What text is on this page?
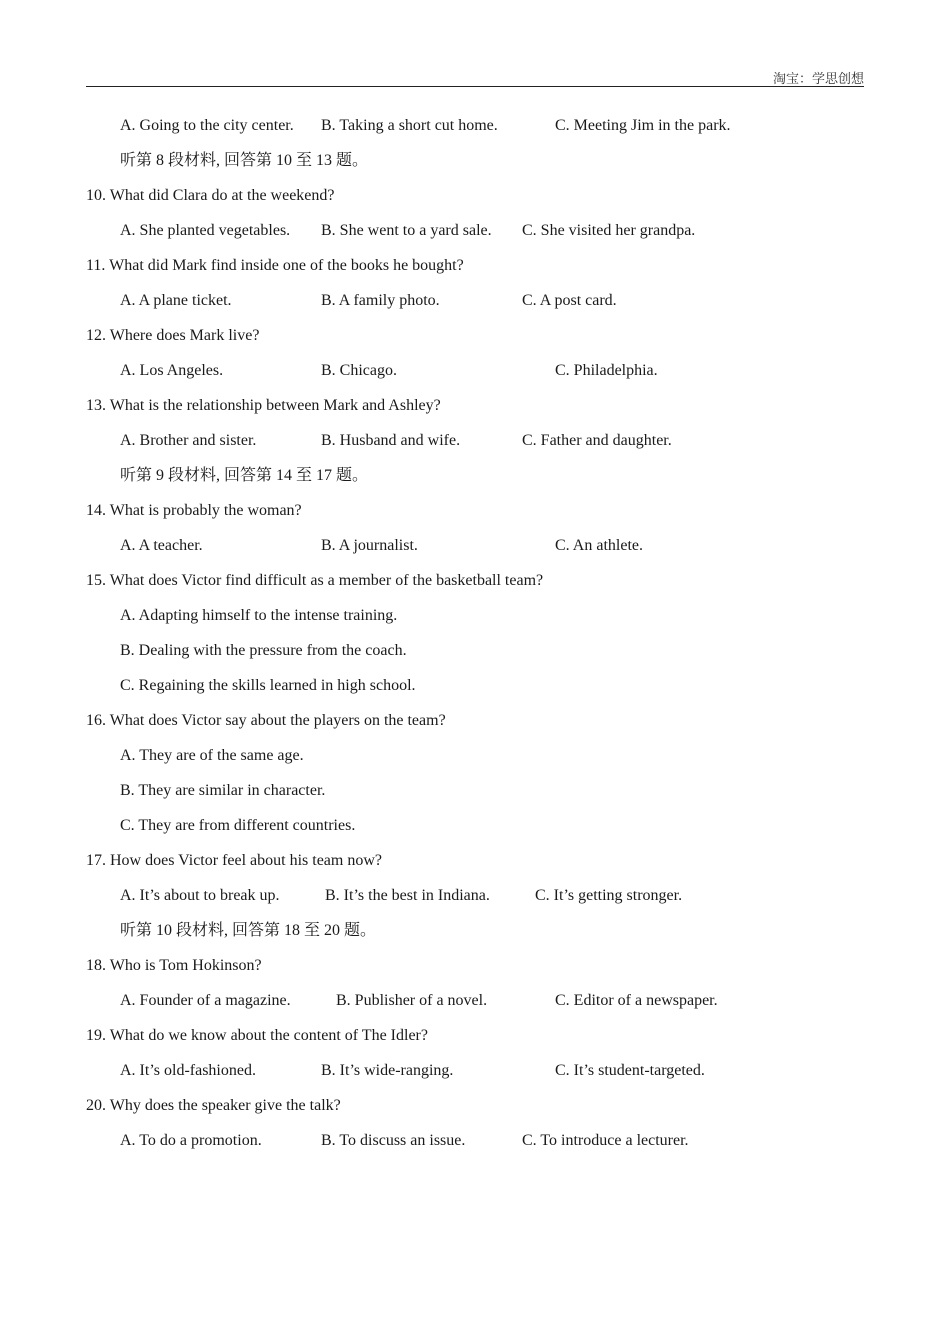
淘宝：学思创想
A. Going to the city center. B. Taking a short cut home.	C. Meeting Jim in the park.
听第 8 段材料, 回答第 10 至 13 题。
10. What did Clara do at the weekend?
A. She planted vegetables. B. She went to a yard sale. C. She visited her grandpa.
11. What did Mark find inside one of the books he bought?
A. A plane ticket.	B. A family photo.	C. A post card.
12. Where does Mark live?
A. Los Angeles.	B. Chicago.	C. Philadelphia.
13. What is the relationship between Mark and Ashley?
A. Brother and sister.	B. Husband and wife.	C. Father and daughter.
听第 9 段材料, 回答第 14 至 17 题。
14. What is probably the woman?
A. A teacher.	B. A journalist.	C. An athlete.
15. What does Victor find difficult as a member of the basketball team?
A. Adapting himself to the intense training.
B. Dealing with the pressure from the coach.
C. Regaining the skills learned in high school.
16. What does Victor say about the players on the team?
A. They are of the same age.
B. They are similar in character.
C. They are from different countries.
17. How does Victor feel about his team now?
A. It’s about to break up.	B. It’s the best in Indiana.	C. It’s getting stronger.
听第 10 段材料, 回答第 18 至 20 题。
18. Who is Tom Hokinson?
A. Founder of a magazine.	B. Publisher of a novel.	C. Editor of a newspaper.
19. What do we know about the content of The Idler?
A. It’s old-fashioned.	B. It’s wide-ranging.	C. It’s student-targeted.
20. Why does the speaker give the talk?
A. To do a promotion.	B. To discuss an issue.	C. To introduce a lecturer.
